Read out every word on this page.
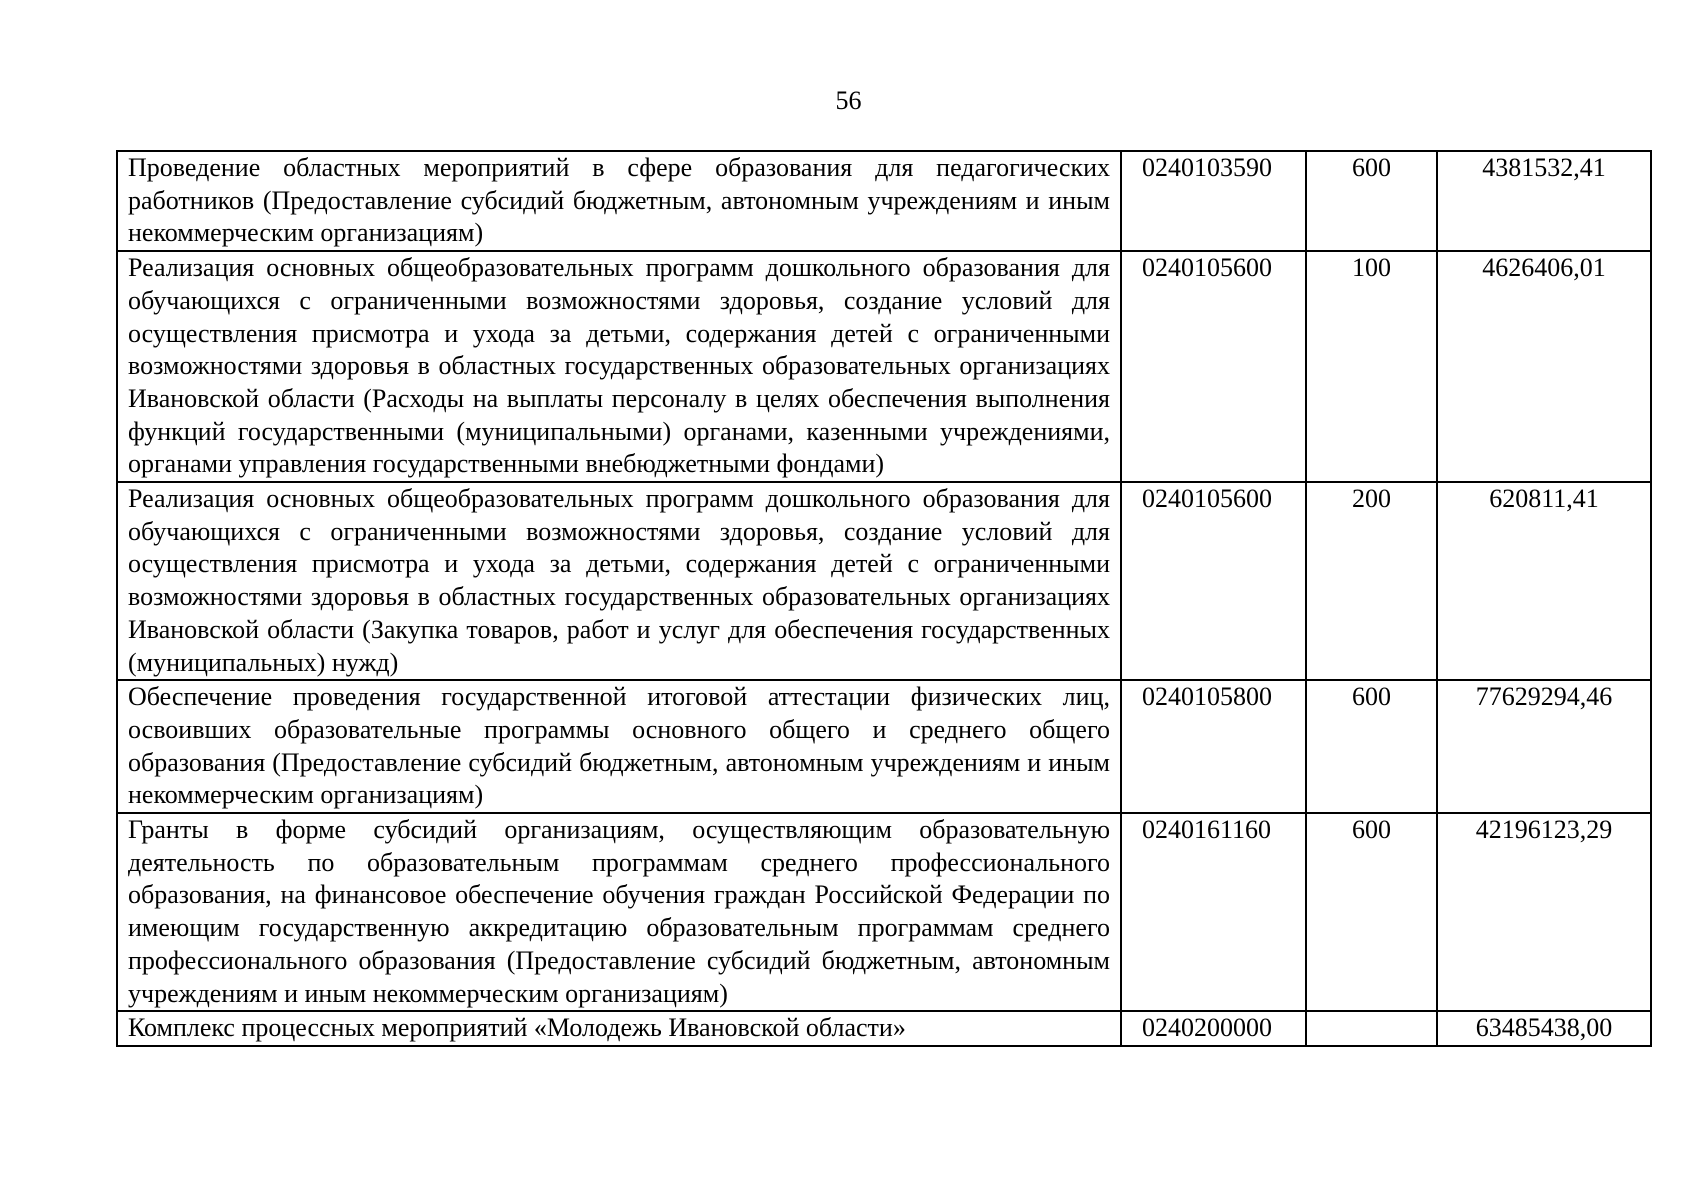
56
Проведение областных мероприятий в сфере образования для педагогических работников (Предоставление субсидий бюджетным, автономным учреждениям и иным некоммерческим организациям)	0240103590	600	4381532,41
Реализация основных общеобразовательных программ дошкольного образования для обучающихся с ограниченными возможностями здоровья, создание условий для осуществления присмотра и ухода за детьми, содержания детей с ограниченными возможностями здоровья в областных государственных образовательных организациях Ивановской области (Расходы на выплаты персоналу в целях обеспечения выполнения функций государственными (муниципальными) органами, казенными учреждениями, органами управления государственными внебюджетными фондами)	0240105600	100	4626406,01
Реализация основных общеобразовательных программ дошкольного образования для обучающихся с ограниченными возможностями здоровья, создание условий для осуществления присмотра и ухода за детьми, содержания детей с ограниченными возможностями здоровья в областных государственных образовательных организациях Ивановской области (Закупка товаров, работ и услуг для обеспечения государственных (муниципальных) нужд)	0240105600	200	620811,41
Обеспечение проведения государственной итоговой аттестации физических лиц, освоивших образовательные программы основного общего и среднего общего образования (Предоставление субсидий бюджетным, автономным учреждениям и иным некоммерческим организациям)	0240105800	600	77629294,46
Гранты в форме субсидий организациям, осуществляющим образовательную деятельность по образовательным программам среднего профессионального образования, на финансовое обеспечение обучения граждан Российской Федерации по имеющим государственную аккредитацию образовательным программам среднего профессионального образования (Предоставление субсидий бюджетным, автономным учреждениям и иным некоммерческим организациям)	0240161160	600	42196123,29
Комплекс процессных мероприятий «Молодежь Ивановской области»	0240200000		63485438,00
